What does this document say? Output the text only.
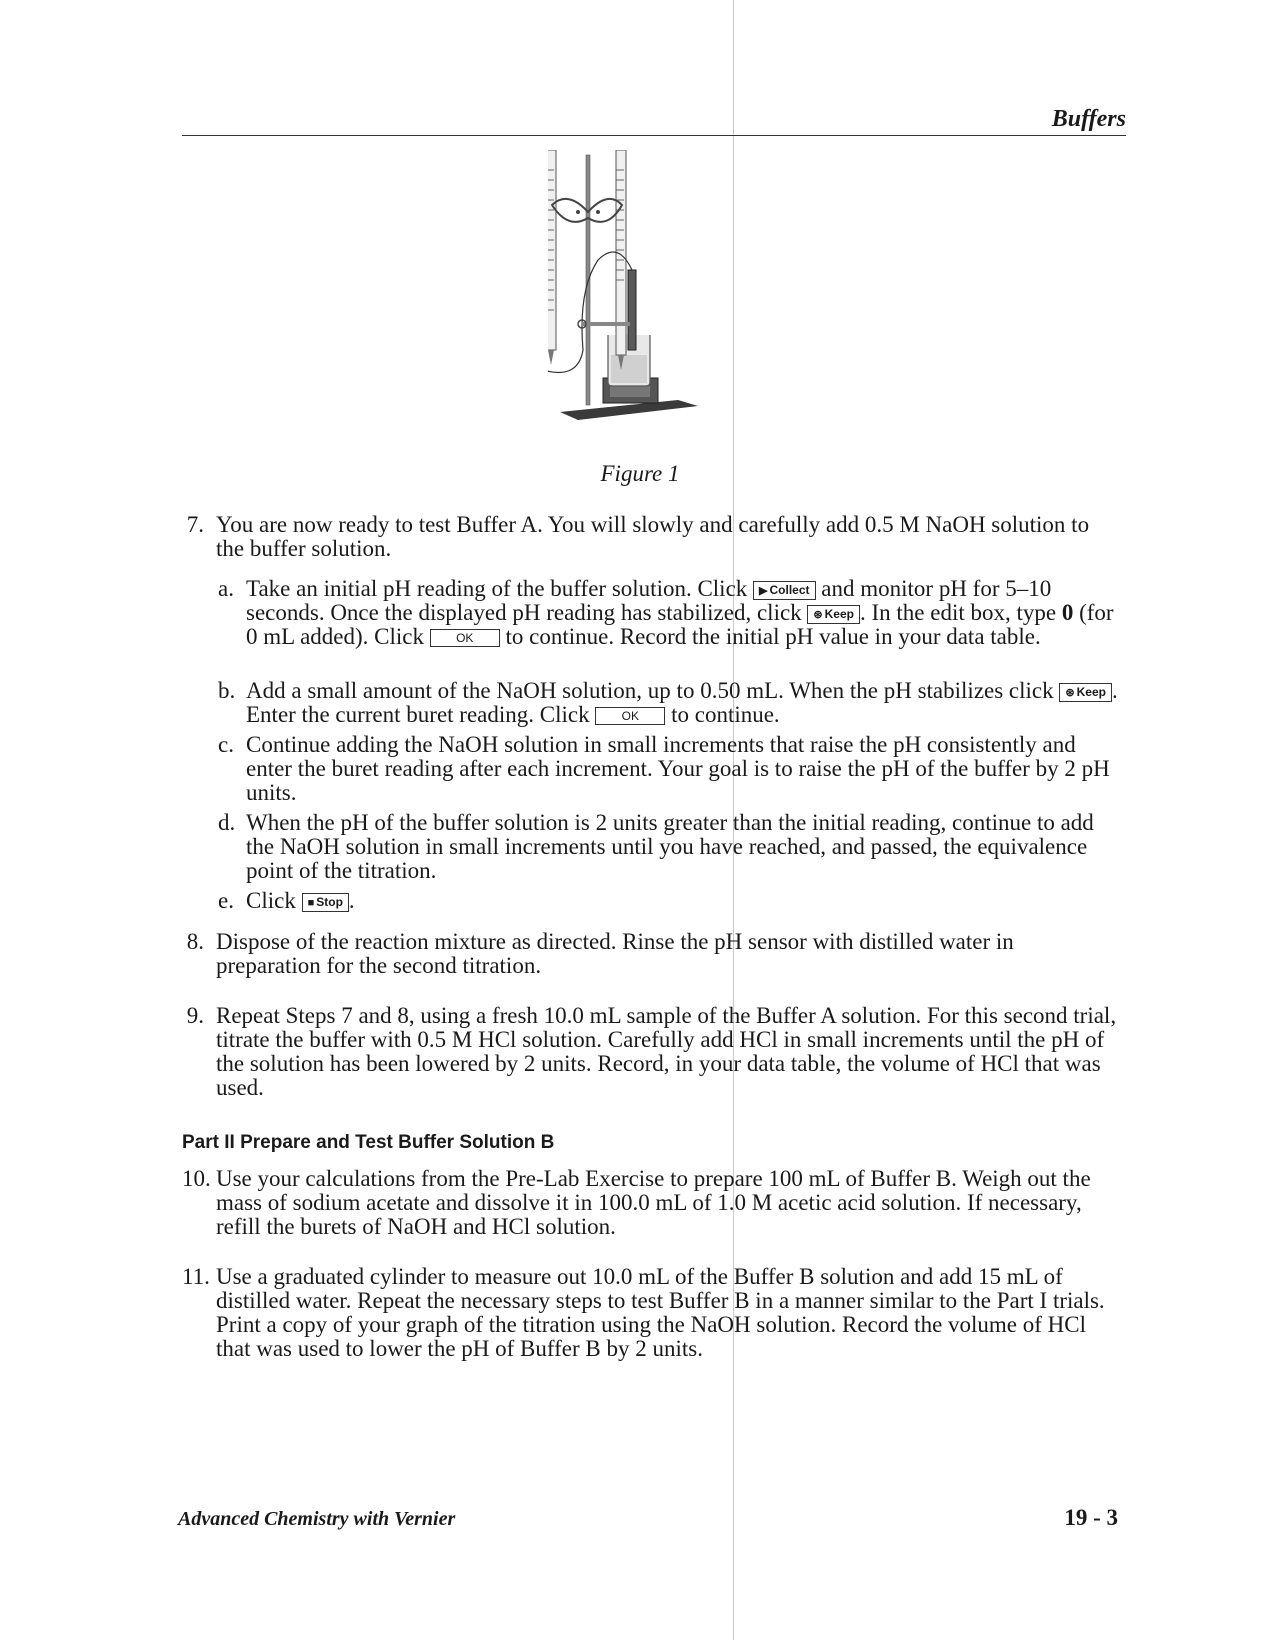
Buffers
Figure 1
7. You are now ready to test Buffer A. You will slowly and carefully add 0.5 M NaOH solution to the buffer solution.
a. Take an initial pH reading of the buffer solution. Click ▶ Collect and monitor pH for 5–10 seconds. Once the displayed pH reading has stabilized, click ⊛ Keep . In the edit box, type 0 (for 0 mL added). Click OK to continue. Record the initial pH value in your data table.
b. Add a small amount of the NaOH solution, up to 0.50 mL. When the pH stabilizes click ⊛ Keep . Enter the current buret reading. Click OK to continue.
c. Continue adding the NaOH solution in small increments that raise the pH consistently and enter the buret reading after each increment. Your goal is to raise the pH of the buffer by 2 pH units.
d. When the pH of the buffer solution is 2 units greater than the initial reading, continue to add the NaOH solution in small increments until you have reached, and passed, the equivalence point of the titration.
e. Click ■ Stop .
8. Dispose of the reaction mixture as directed. Rinse the pH sensor with distilled water in preparation for the second titration.
9. Repeat Steps 7 and 8, using a fresh 10.0 mL sample of the Buffer A solution. For this second trial, titrate the buffer with 0.5 M HCl solution. Carefully add HCl in small increments until the pH of the solution has been lowered by 2 units. Record, in your data table, the volume of HCl that was used.
Part II Prepare and Test Buffer Solution B
10. Use your calculations from the Pre-Lab Exercise to prepare 100 mL of Buffer B. Weigh out the mass of sodium acetate and dissolve it in 100.0 mL of 1.0 M acetic acid solution. If necessary, refill the burets of NaOH and HCl solution.
11. Use a graduated cylinder to measure out 10.0 mL of the Buffer B solution and add 15 mL of distilled water. Repeat the necessary steps to test Buffer B in a manner similar to the Part I trials. Print a copy of your graph of the titration using the NaOH solution. Record the volume of HCl that was used to lower the pH of Buffer B by 2 units.
Advanced Chemistry with Vernier	19 - 3
